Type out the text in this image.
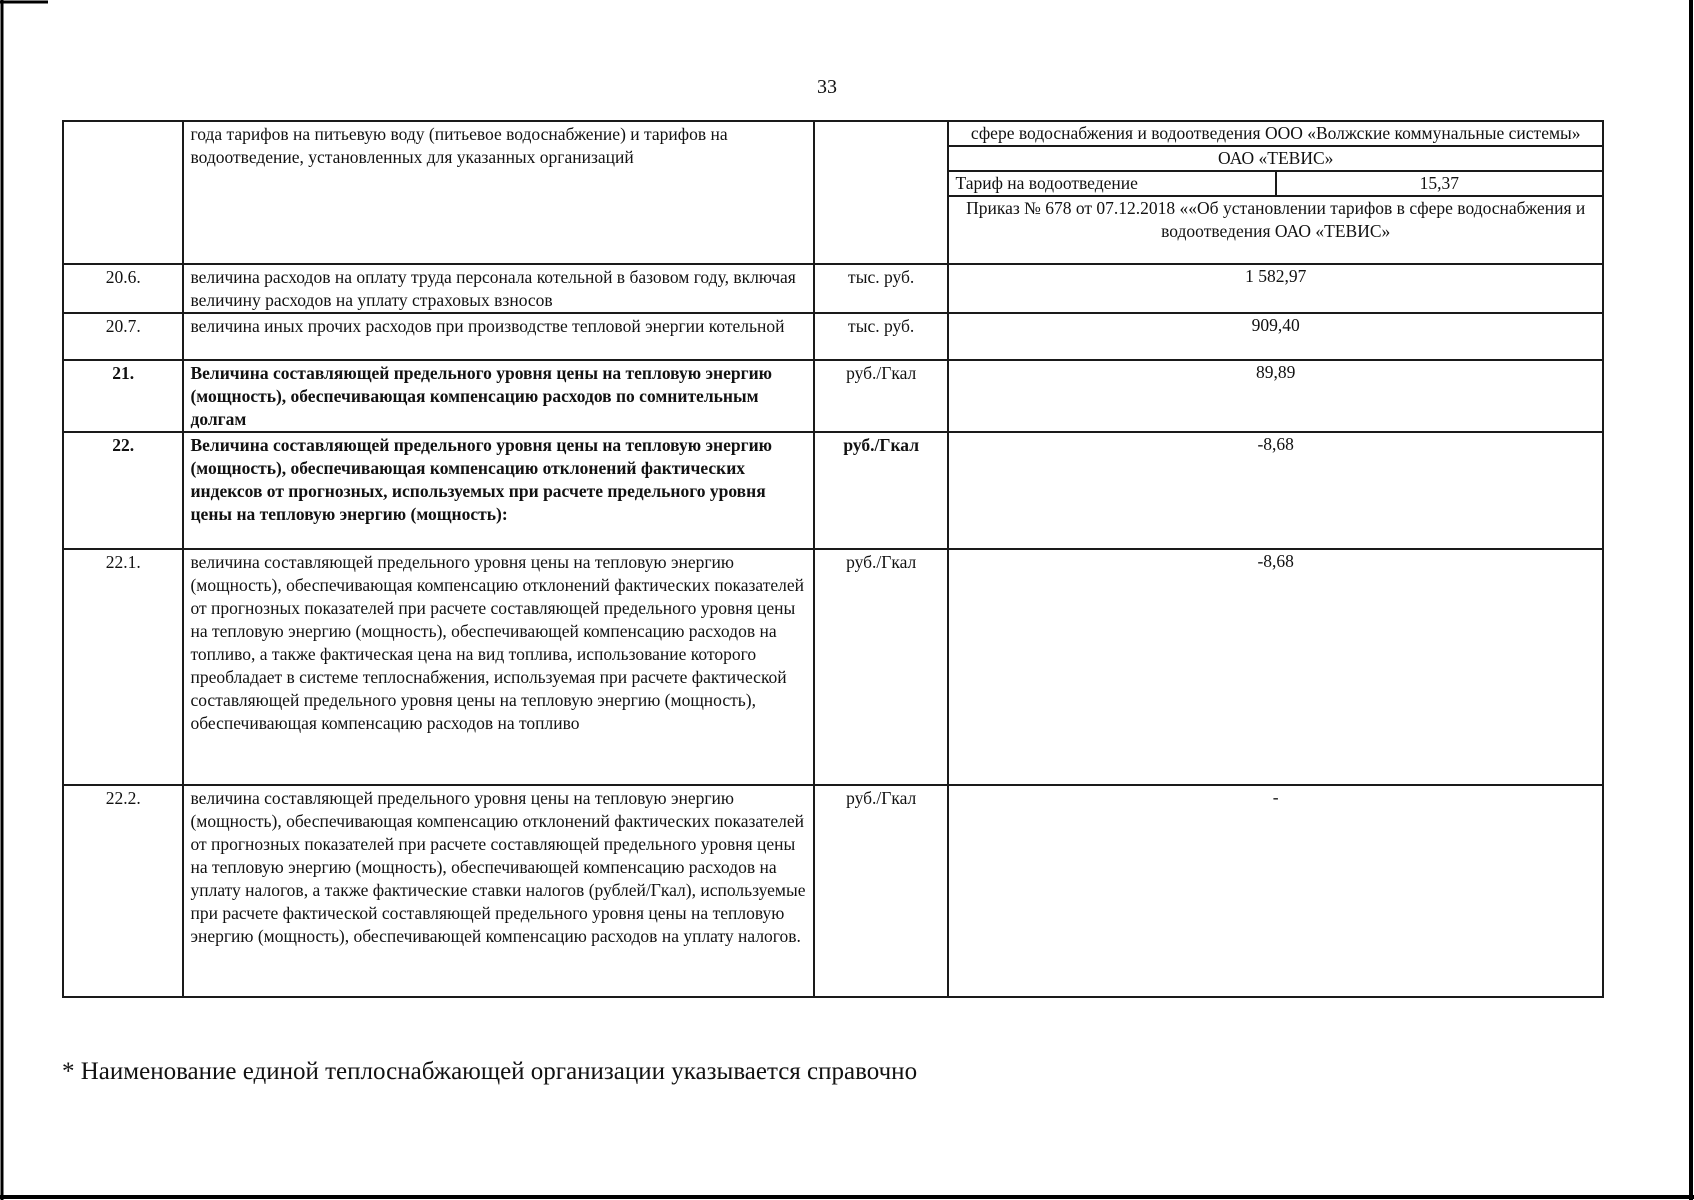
33
	года тарифов на питьевую воду (питьевое водоснабжение) и тарифов на водоотведение, установленных для указанных организаций		
сфере водоснабжения и водоотведения ООО «Волжские коммунальные системы»
ОАО «ТЕВИС»
Тариф на водоотведение	15,37
Приказ № 678 от 07.12.2018 ««Об установлении тарифов в сфере водоснабжения и водоотведения ОАО «ТЕВИС»

20.6.	величина расходов на оплату труда персонала котельной в базовом году, включая величину расходов на уплату страховых взносов	тыс. руб.	1 582,97
20.7.	величина иных прочих расходов при производстве тепловой энергии котельной	тыс. руб.	909,40
21.	Величина составляющей предельного уровня цены на тепловую энергию (мощность), обеспечивающая компенсацию расходов по сомнительным долгам	руб./Гкал	89,89
22.	Величина составляющей предельного уровня цены на тепловую энергию (мощность), обеспечивающая компенсацию отклонений фактических индексов от прогнозных, используемых при расчете предельного уровня цены на тепловую энергию (мощность):	руб./Гкал	-8,68
22.1.	величина составляющей предельного уровня цены на тепловую энергию (мощность), обеспечивающая компенсацию отклонений фактических показателей от прогнозных показателей при расчете составляющей предельного уровня цены на тепловую энергию (мощность), обеспечивающей компенсацию расходов на топливо, а также фактическая цена на вид топлива, использование которого преобладает в системе теплоснабжения, используемая при расчете фактической составляющей предельного уровня цены на тепловую энергию (мощность), обеспечивающая компенсацию расходов на топливо	руб./Гкал	-8,68
22.2.	величина составляющей предельного уровня цены на тепловую энергию (мощность), обеспечивающая компенсацию отклонений фактических показателей от прогнозных показателей при расчете составляющей предельного уровня цены на тепловую энергию (мощность), обеспечивающей компенсацию расходов на уплату налогов, а также фактические ставки налогов (рублей/Гкал), используемые при расчете фактической составляющей предельного уровня цены на тепловую энергию (мощность), обеспечивающей компенсацию расходов на уплату налогов.	руб./Гкал	-
* Наименование единой теплоснабжающей организации указывается справочно
